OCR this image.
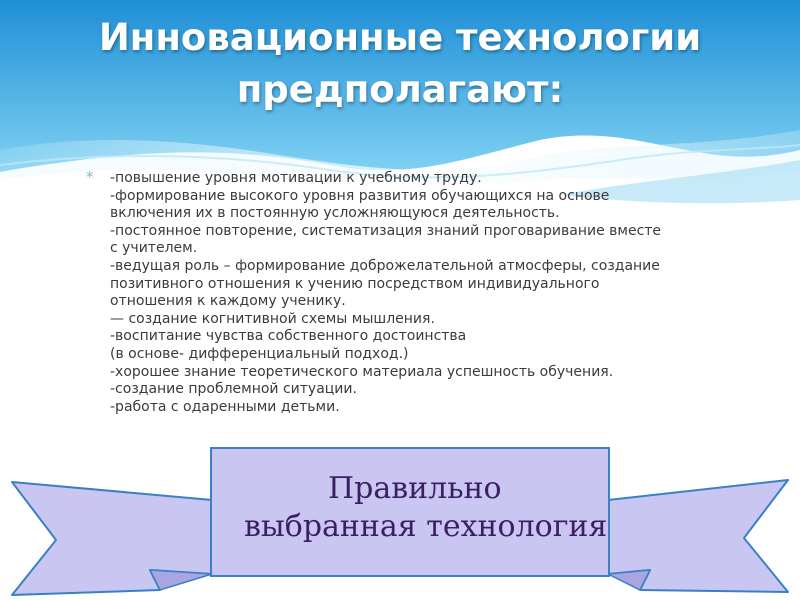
Инновационные технологии
предполагают:
* -повышение уровня мотивации к учебному труду.
-формирование высокого уровня развития обучающихся на основе
включения их в постоянную усложняющуюся деятельность.
-постоянное повторение, систематизация знаний проговаривание вместе
с учителем.
-ведущая роль – формирование доброжелательной атмосферы, создание
позитивного отношения к учению посредством индивидуального
отношения к каждому ученику.
— создание когнитивной схемы мышления.
-воспитание чувства собственного достоинства
(в основе- дифференциальный подход.)
-хорошее знание теоретического материала успешность обучения.
-создание проблемной ситуации.
-работа с одаренными детьми.
Правильно
выбранная технология
